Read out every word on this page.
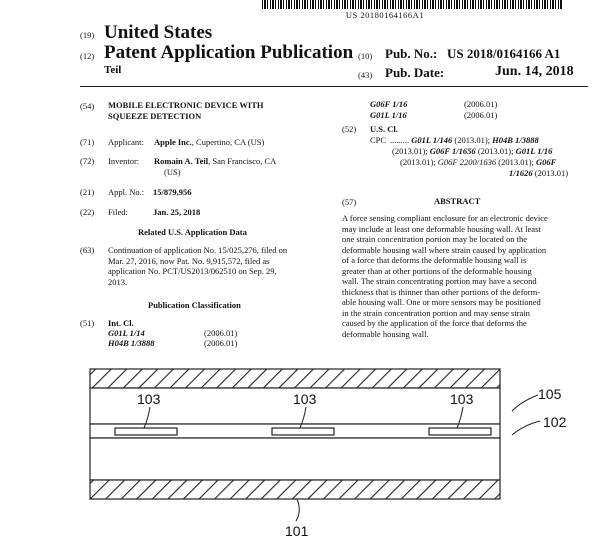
US 20180164166A1
(19) United States
(12) Patent Application Publication
Teil
(10) Pub. No.: US 2018/0164166 A1
(43) Pub. Date:	Jun. 14, 2018
(54) MOBILE ELECTRONIC DEVICE WITH
SQUEEZE DETECTION
(71) Applicant: Apple Inc., Cupertino, CA (US)
(72) Inventor: Romain A. Teil, San Francisco, CA
(US)
(21) Appl. No.: 15/879,956
(22) Filed:	Jan. 25, 2018
Related U.S. Application Data
(63) Continuation of application No. 15/025,276, filed on
Mar. 27, 2016, now Pat. No. 9,915,572, filed as
application No. PCT/US2013/062510 on Sep. 29,
2013.
Publication Classification
(51) Int. Cl.
G01L 1/14	(2006.01)
H04B 1/3888	(2006.01)
G06F 1/16	(2006.01)
G01L 1/16	(2006.01)
(52) U.S. Cl.
CPC ......... G01L 1/146 (2013.01); H04B 1/3888
(2013.01); G06F 1/1656 (2013.01); G01L 1/16
(2013.01); G06F 2200/1636 (2013.01); G06F
1/1626 (2013.01)
(57)	ABSTRACT
A force sensing compliant enclosure for an electronic device
may include at least one deformable housing wall. At least
one strain concentration portion may be located on the
deformable housing wall where strain caused by application
of a force that deforms the deformable housing wall is
greater than at other portions of the deformable housing
wall. The strain concentrating portion may have a second
thickness that is thinner than other portions of the deform-
able housing wall. One or more sensors may be positioned
in the strain concentration portion and may sense strain
caused by the application of the force that deforms the
deformable housing wall.
103	103	103	105
102
101
